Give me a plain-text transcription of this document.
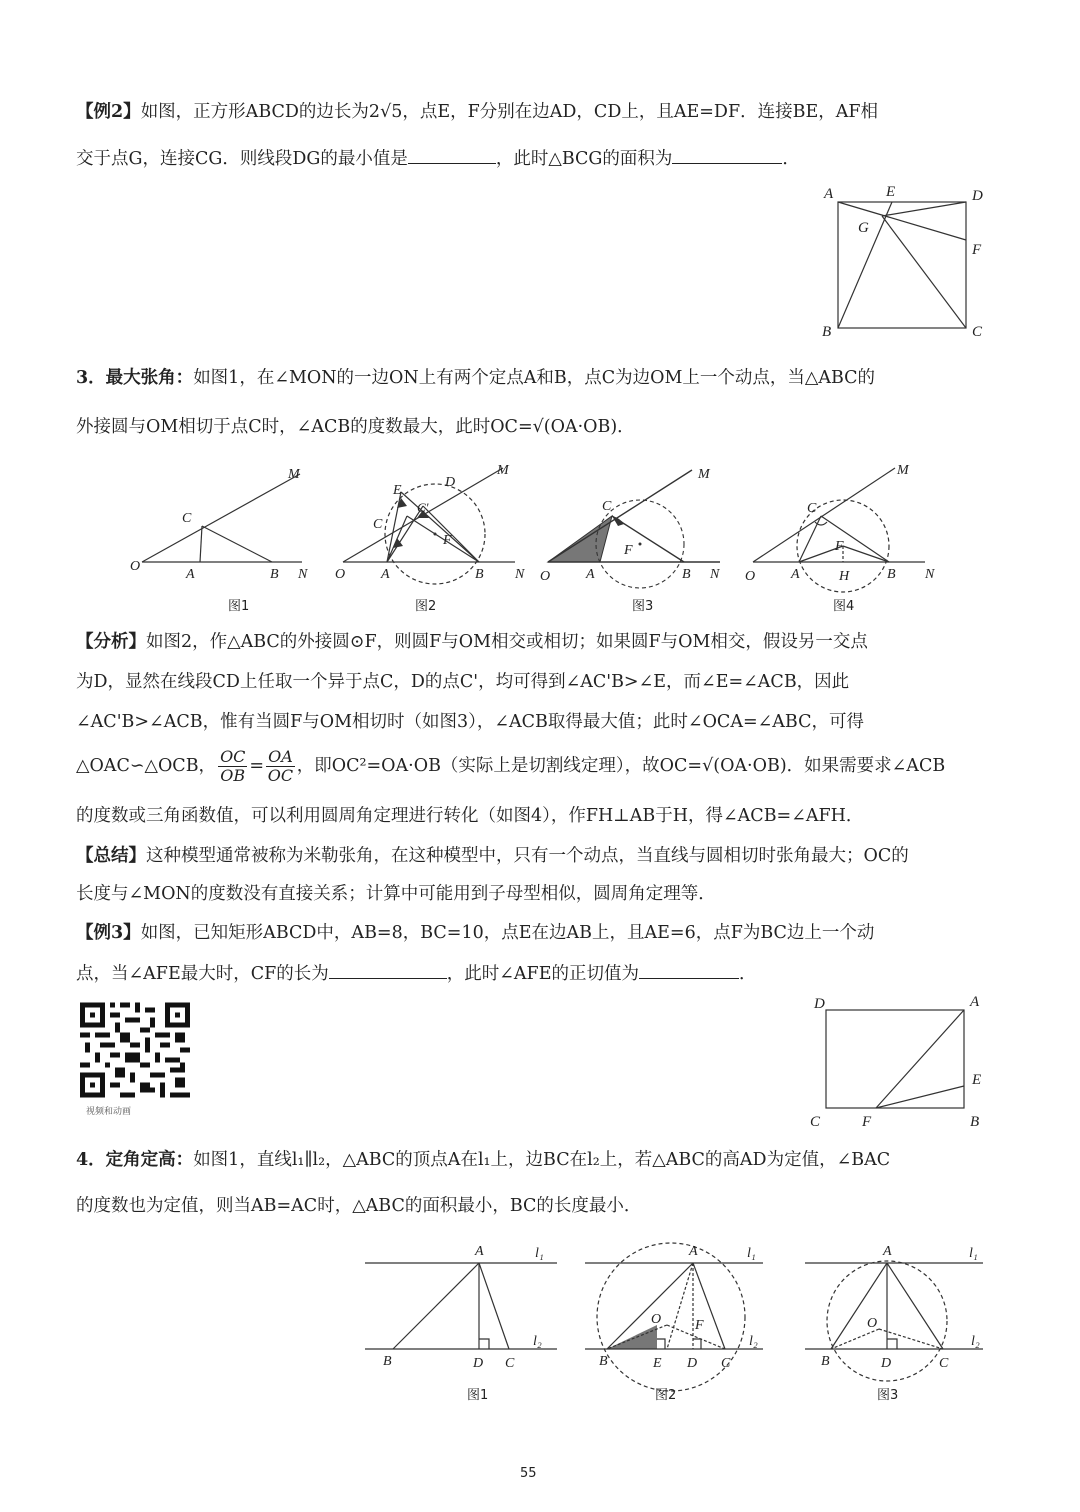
【例2】如图，正方形ABCD的边长为2√5，点E，F分别在边AD，CD上，且AE=DF．连接BE，AF相
交于点G，连接CG．则线段DG的最小值是	，此时△BCG的面积为	．
A	E	D
G
F
B	C
3．最大张角：如图1，在∠MON的一边ON上有两个定点A和B，点C为边OM上一个动点，当△ABC的
外接圆与OM相切于点C时，∠ACB的度数最大，此时OC=√(OA·OB)．
M
C
O
A	B N
图1
M
E
D
C
C'
F
O	A	B N
图2
M
C
F
O	A	B N
图3
M
C
F
O	A	H	B N
图4
【分析】如图2，作△ABC的外接圆⊙F，则圆F与OM相交或相切；如果圆F与OM相交，假设另一交点
为D，显然在线段CD上任取一个异于点C，D的点C'，均可得到∠AC'B>∠E，而∠E=∠ACB，因此
∠AC'B>∠ACB，惟有当圆F与OM相切时（如图3），∠ACB取得最大值；此时∠OCA=∠ABC，可得
△OAC∽△OCB， $\frac{OC}{OB} = \frac{OA}{OC}$ ，即OC²=OA·OB（实际上是切割线定理），故OC=√(OA·OB)．如果需要求∠ACB
的度数或三角函数值，可以利用圆周角定理进行转化（如图4），作FH⊥AB于H，得∠ACB=∠AFH．
【总结】这种模型通常被称为米勒张角，在这种模型中，只有一个动点，当直线与圆相切时张角最大；OC的
长度与∠MON的度数没有直接关系；计算中可能用到子母型相似，圆周角定理等．
【例3】如图，已知矩形ABCD中，AB=8，BC=10，点E在边AB上，且AE=6，点F为BC边上一个动
点，当∠AFE最大时，CF的长为	，此时∠AFE的正切值为	．
视频和动画
D	A
E
C	F	B
4．定角定高：如图1，直线l₁∥l₂，△ABC的顶点A在l₁上，边BC在l₂上，若△ABC的高AD为定值，∠BAC
的度数也为定值，则当AB=AC时，△ABC的面积最小，BC的长度最小．
A	l₁
l₂
B	D C
图1
A	l₁
l₂
O F
B	E D C
图2
A	l₁
l₂
O
B	D	C
图3
55
